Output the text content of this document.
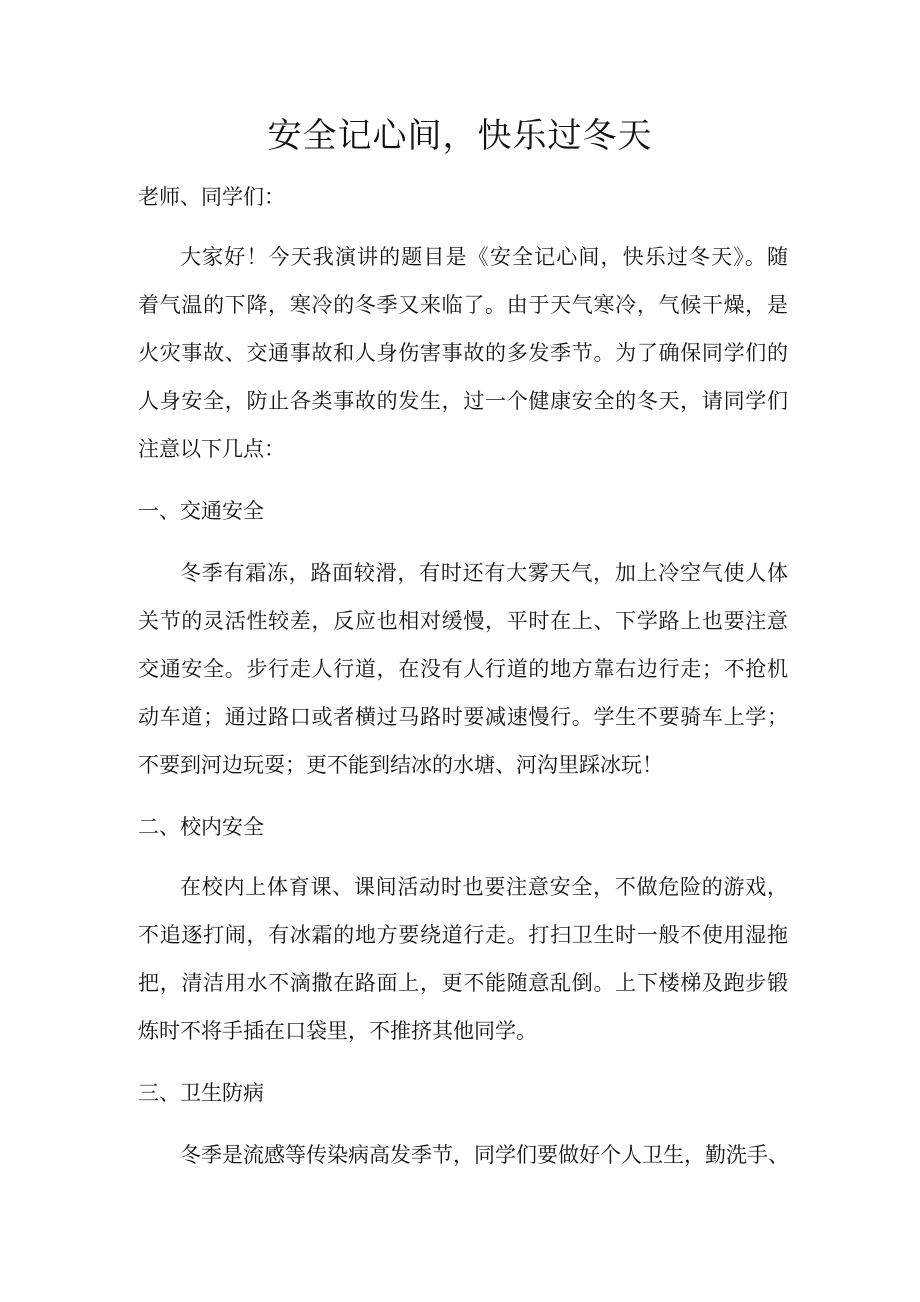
安全记心间，快乐过冬天

老师、同学们：

大家好！今天我演讲的题目是《安全记心间，快乐过冬天》。随

着气温的下降，寒冷的冬季又来临了。由于天气寒冷，气候干燥，是

火灾事故、交通事故和人身伤害事故的多发季节。为了确保同学们的

人身安全，防止各类事故的发生，过一个健康安全的冬天，请同学们

注意以下几点：

一、交通安全

冬季有霜冻，路面较滑，有时还有大雾天气，加上冷空气使人体

关节的灵活性较差，反应也相对缓慢，平时在上、下学路上也要注意

交通安全。步行走人行道，在没有人行道的地方靠右边行走；不抢机

动车道；通过路口或者横过马路时要减速慢行。学生不要骑车上学；

不要到河边玩耍；更不能到结冰的水塘、河沟里踩冰玩！

二、校内安全

在校内上体育课、课间活动时也要注意安全，不做危险的游戏，

不追逐打闹，有冰霜的地方要绕道行走。打扫卫生时一般不使用湿拖

把，清洁用水不滴撒在路面上，更不能随意乱倒。上下楼梯及跑步锻

炼时不将手插在口袋里，不推挤其他同学。

三、卫生防病

冬季是流感等传染病高发季节，同学们要做好个人卫生，勤洗手、
